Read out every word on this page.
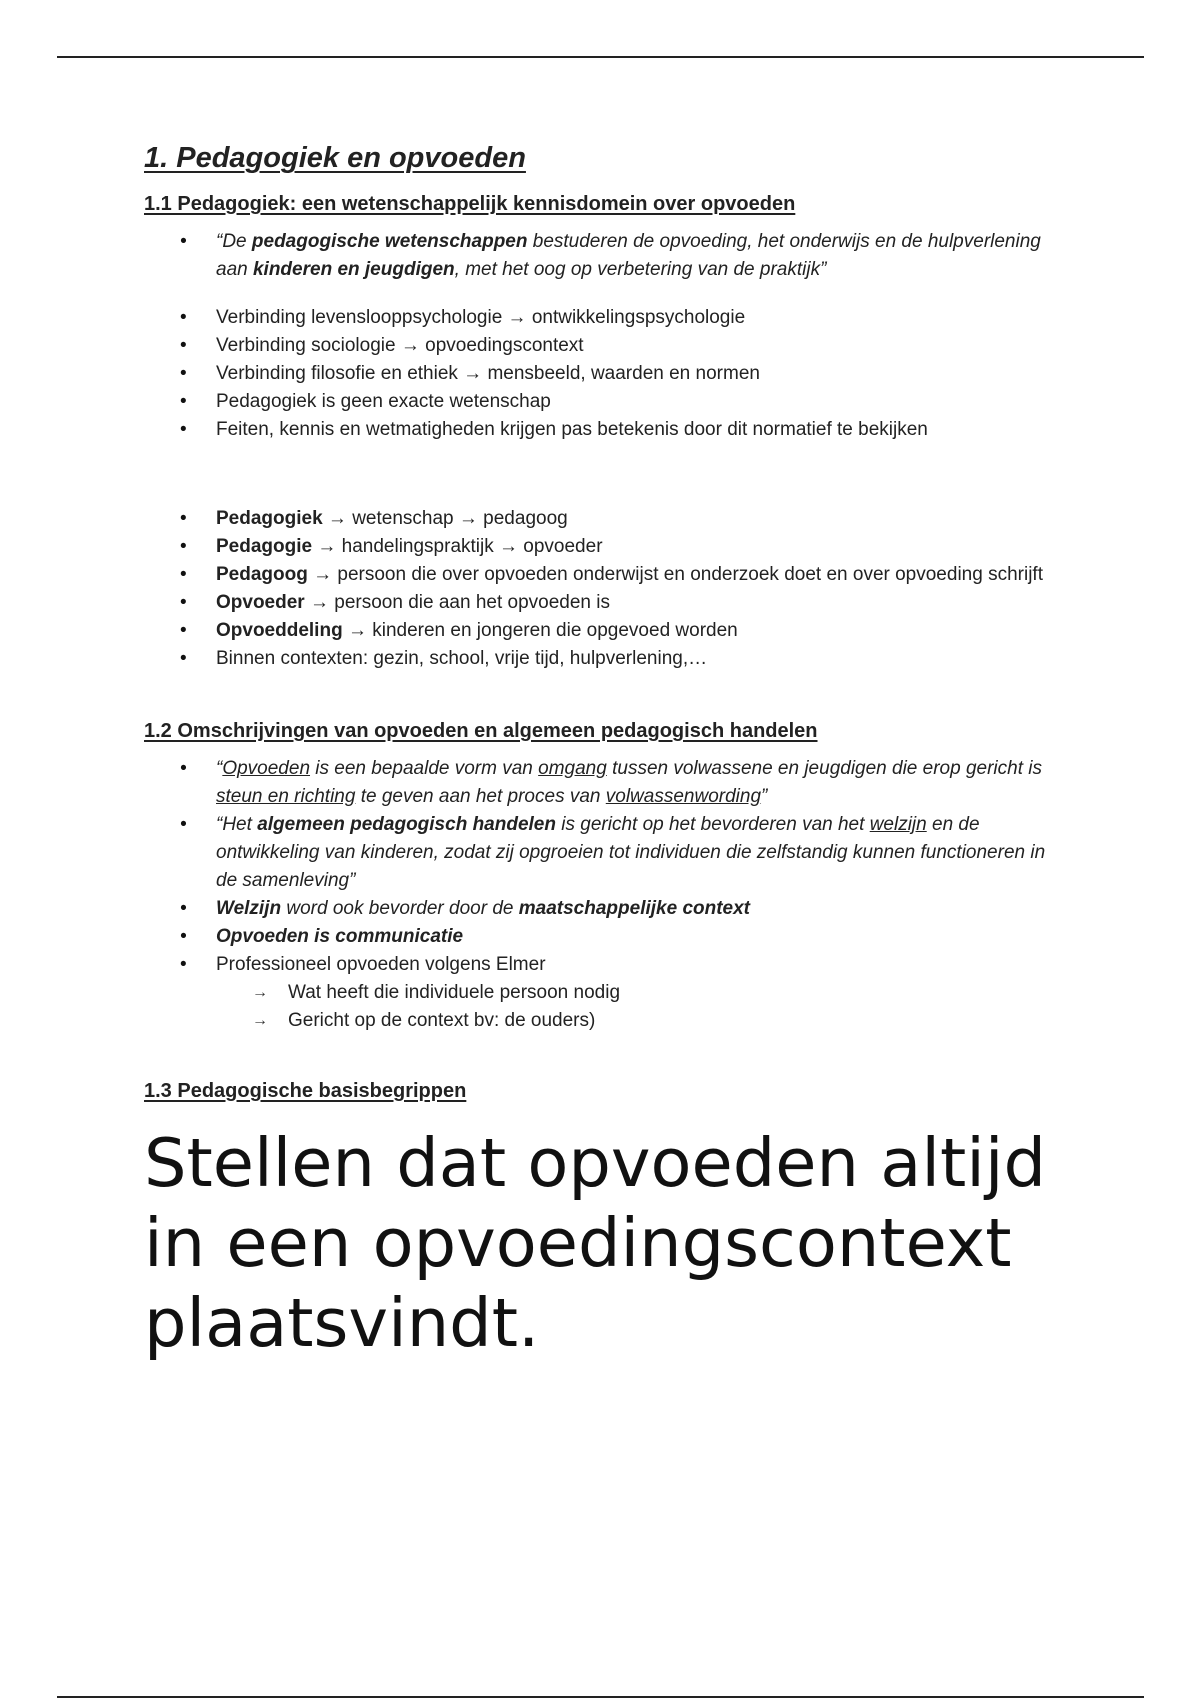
1. Pedagogiek en opvoeden
1.1 Pedagogiek: een wetenschappelijk kennisdomein over opvoeden
• “De pedagogische wetenschappen bestuderen de opvoeding, het onderwijs en de hulpverlening aan kinderen en jeugdigen, met het oog op verbetering van de praktijk”
• Verbinding levenslooppsychologie → ontwikkelingspsychologie
• Verbinding sociologie → opvoedingscontext
• Verbinding filosofie en ethiek → mensbeeld, waarden en normen
• Pedagogiek is geen exacte wetenschap
• Feiten, kennis en wetmatigheden krijgen pas betekenis door dit normatief te bekijken
• Pedagogiek → wetenschap → pedagoog
• Pedagogie → handelingspraktijk → opvoeder
• Pedagoog → persoon die over opvoeden onderwijst en onderzoek doet en over opvoeding schrijft
• Opvoeder → persoon die aan het opvoeden is
• Opvoeddeling → kinderen en jongeren die opgevoed worden
• Binnen contexten: gezin, school, vrije tijd, hulpverlening,…
1.2 Omschrijvingen van opvoeden en algemeen pedagogisch handelen
• “Opvoeden is een bepaalde vorm van omgang tussen volwassene en jeugdigen die erop gericht is steun en richting te geven aan het proces van volwassenwording”
• “Het algemeen pedagogisch handelen is gericht op het bevorderen van het welzijn en de ontwikkeling van kinderen, zodat zij opgroeien tot individuen die zelfstandig kunnen functioneren in de samenleving”
• Welzijn word ook bevorder door de maatschappelijke context
• Opvoeden is communicatie
• Professioneel opvoeden volgens Elmer
→ Wat heeft die individuele persoon nodig
→ Gericht op de context bv: de ouders)
1.3 Pedagogische basisbegrippen

Stellen dat opvoeden altijd
in een opvoedingscontext
plaatsvindt.
